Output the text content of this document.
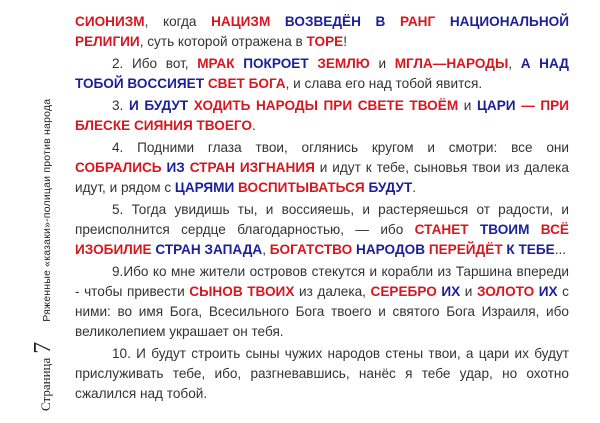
Страница
7
Ряженные «казаки»-полицаи против народа

СИОНИЗМ, когда НАЦИЗМ ВОЗВЕДЁН В РАНГ НАЦИОНАЛЬНОЙ РЕЛИГИИ, суть которой отражена в ТОРЕ!

2. Ибо вот, МРАК ПОКРОЕТ ЗЕМЛЮ и МГЛА—НАРОДЫ, А НАД ТОБОЙ ВОССИЯЕТ СВЕТ БОГА, и слава его над тобой явится.

3. И БУДУТ ХОДИТЬ НАРОДЫ ПРИ СВЕТЕ ТВОЁМ и ЦАРИ — ПРИ БЛЕСКЕ СИЯНИЯ ТВОЕГО.

4. Подними глаза твои, оглянись кругом и смотри: все они СОБРАЛИСЬ ИЗ СТРАН ИЗГНАНИЯ и идут к тебе, сыновья твои из далека идут, и рядом с ЦАРЯМИ ВОСПИТЫВАТЬСЯ БУДУТ.

5. Тогда увидишь ты, и воссияешь, и растеряешься от радости, и преисполнится сердце благодарностью, — ибо СТАНЕТ ТВОИМ ВСЁ ИЗОБИЛИЕ СТРАН ЗАПАДА, БОГАТСТВО НАРОДОВ ПЕРЕЙДЁТ К ТЕБЕ...

9.Ибо ко мне жители островов стекутся и корабли из Таршина впереди - чтобы привести СЫНОВ ТВОИХ из далека, СЕРЕБРО ИХ и ЗОЛОТО ИХ с ними: во имя Бога, Всесильного Бога твоего и святого Бога Израиля, ибо великолепием украшает он тебя.

10. И будут строить сыны чужих народов стены твои, а цари их будут прислуживать тебе, ибо, разгневавшись, нанёс я тебе удар, но охотно сжалился над тобой.
